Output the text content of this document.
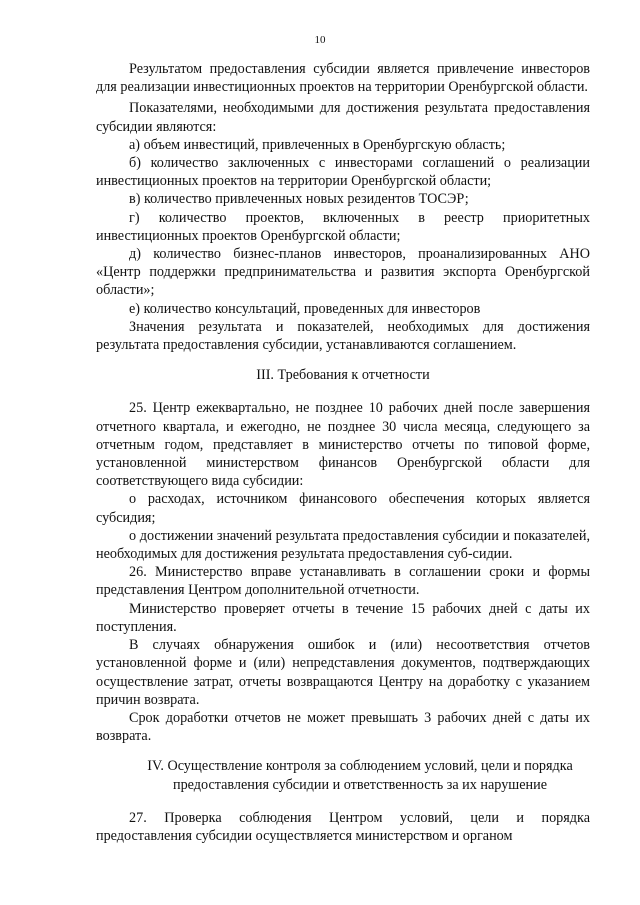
10

Результатом предоставления субсидии является привлечение инвесторов для реализации инвестиционных проектов на территории Оренбургской области.

Показателями, необходимыми для достижения результата предоставления субсидии являются:

а) объем инвестиций, привлеченных в Оренбургскую область;

б) количество заключенных с инвесторами соглашений о реализации инвестиционных проектов на территории Оренбургской области;

в) количество привлеченных новых резидентов ТОСЭР;

г) количество проектов, включенных в реестр приоритетных инвестиционных проектов Оренбургской области;

д) количество бизнес-планов инвесторов, проанализированных АНО «Центр поддержки предпринимательства и развития экспорта Оренбургской области»;

е) количество консультаций, проведенных для инвесторов

Значения результата и показателей, необходимых для достижения результата предоставления субсидии, устанавливаются соглашением.

III. Требования к отчетности

25. Центр ежеквартально, не позднее 10 рабочих дней после завершения отчетного квартала, и ежегодно, не позднее 30 числа месяца, следующего за отчетным годом, представляет в министерство отчеты по типовой форме, установленной министерством финансов Оренбургской области для соответствующего вида субсидии:

о расходах, источником финансового обеспечения которых является субсидия;

о достижении значений результата предоставления субсидии и показателей, необходимых для достижения результата предоставления суб-сидии.

26. Министерство вправе устанавливать в соглашении сроки и формы представления Центром дополнительной отчетности.

Министерство проверяет отчеты в течение 15 рабочих дней с даты их поступления.

В случаях обнаружения ошибок и (или) несоответствия отчетов установленной форме и (или) непредставления документов, подтверждающих осуществление затрат, отчеты возвращаются Центру на доработку с указанием причин возврата.

Срок доработки отчетов не может превышать 3 рабочих дней с даты их возврата.

IV. Осуществление контроля за соблюдением условий, цели и порядка предоставления субсидии и ответственность за их нарушение

27. Проверка соблюдения Центром условий, цели и порядка предоставления субсидии осуществляется министерством и органом
